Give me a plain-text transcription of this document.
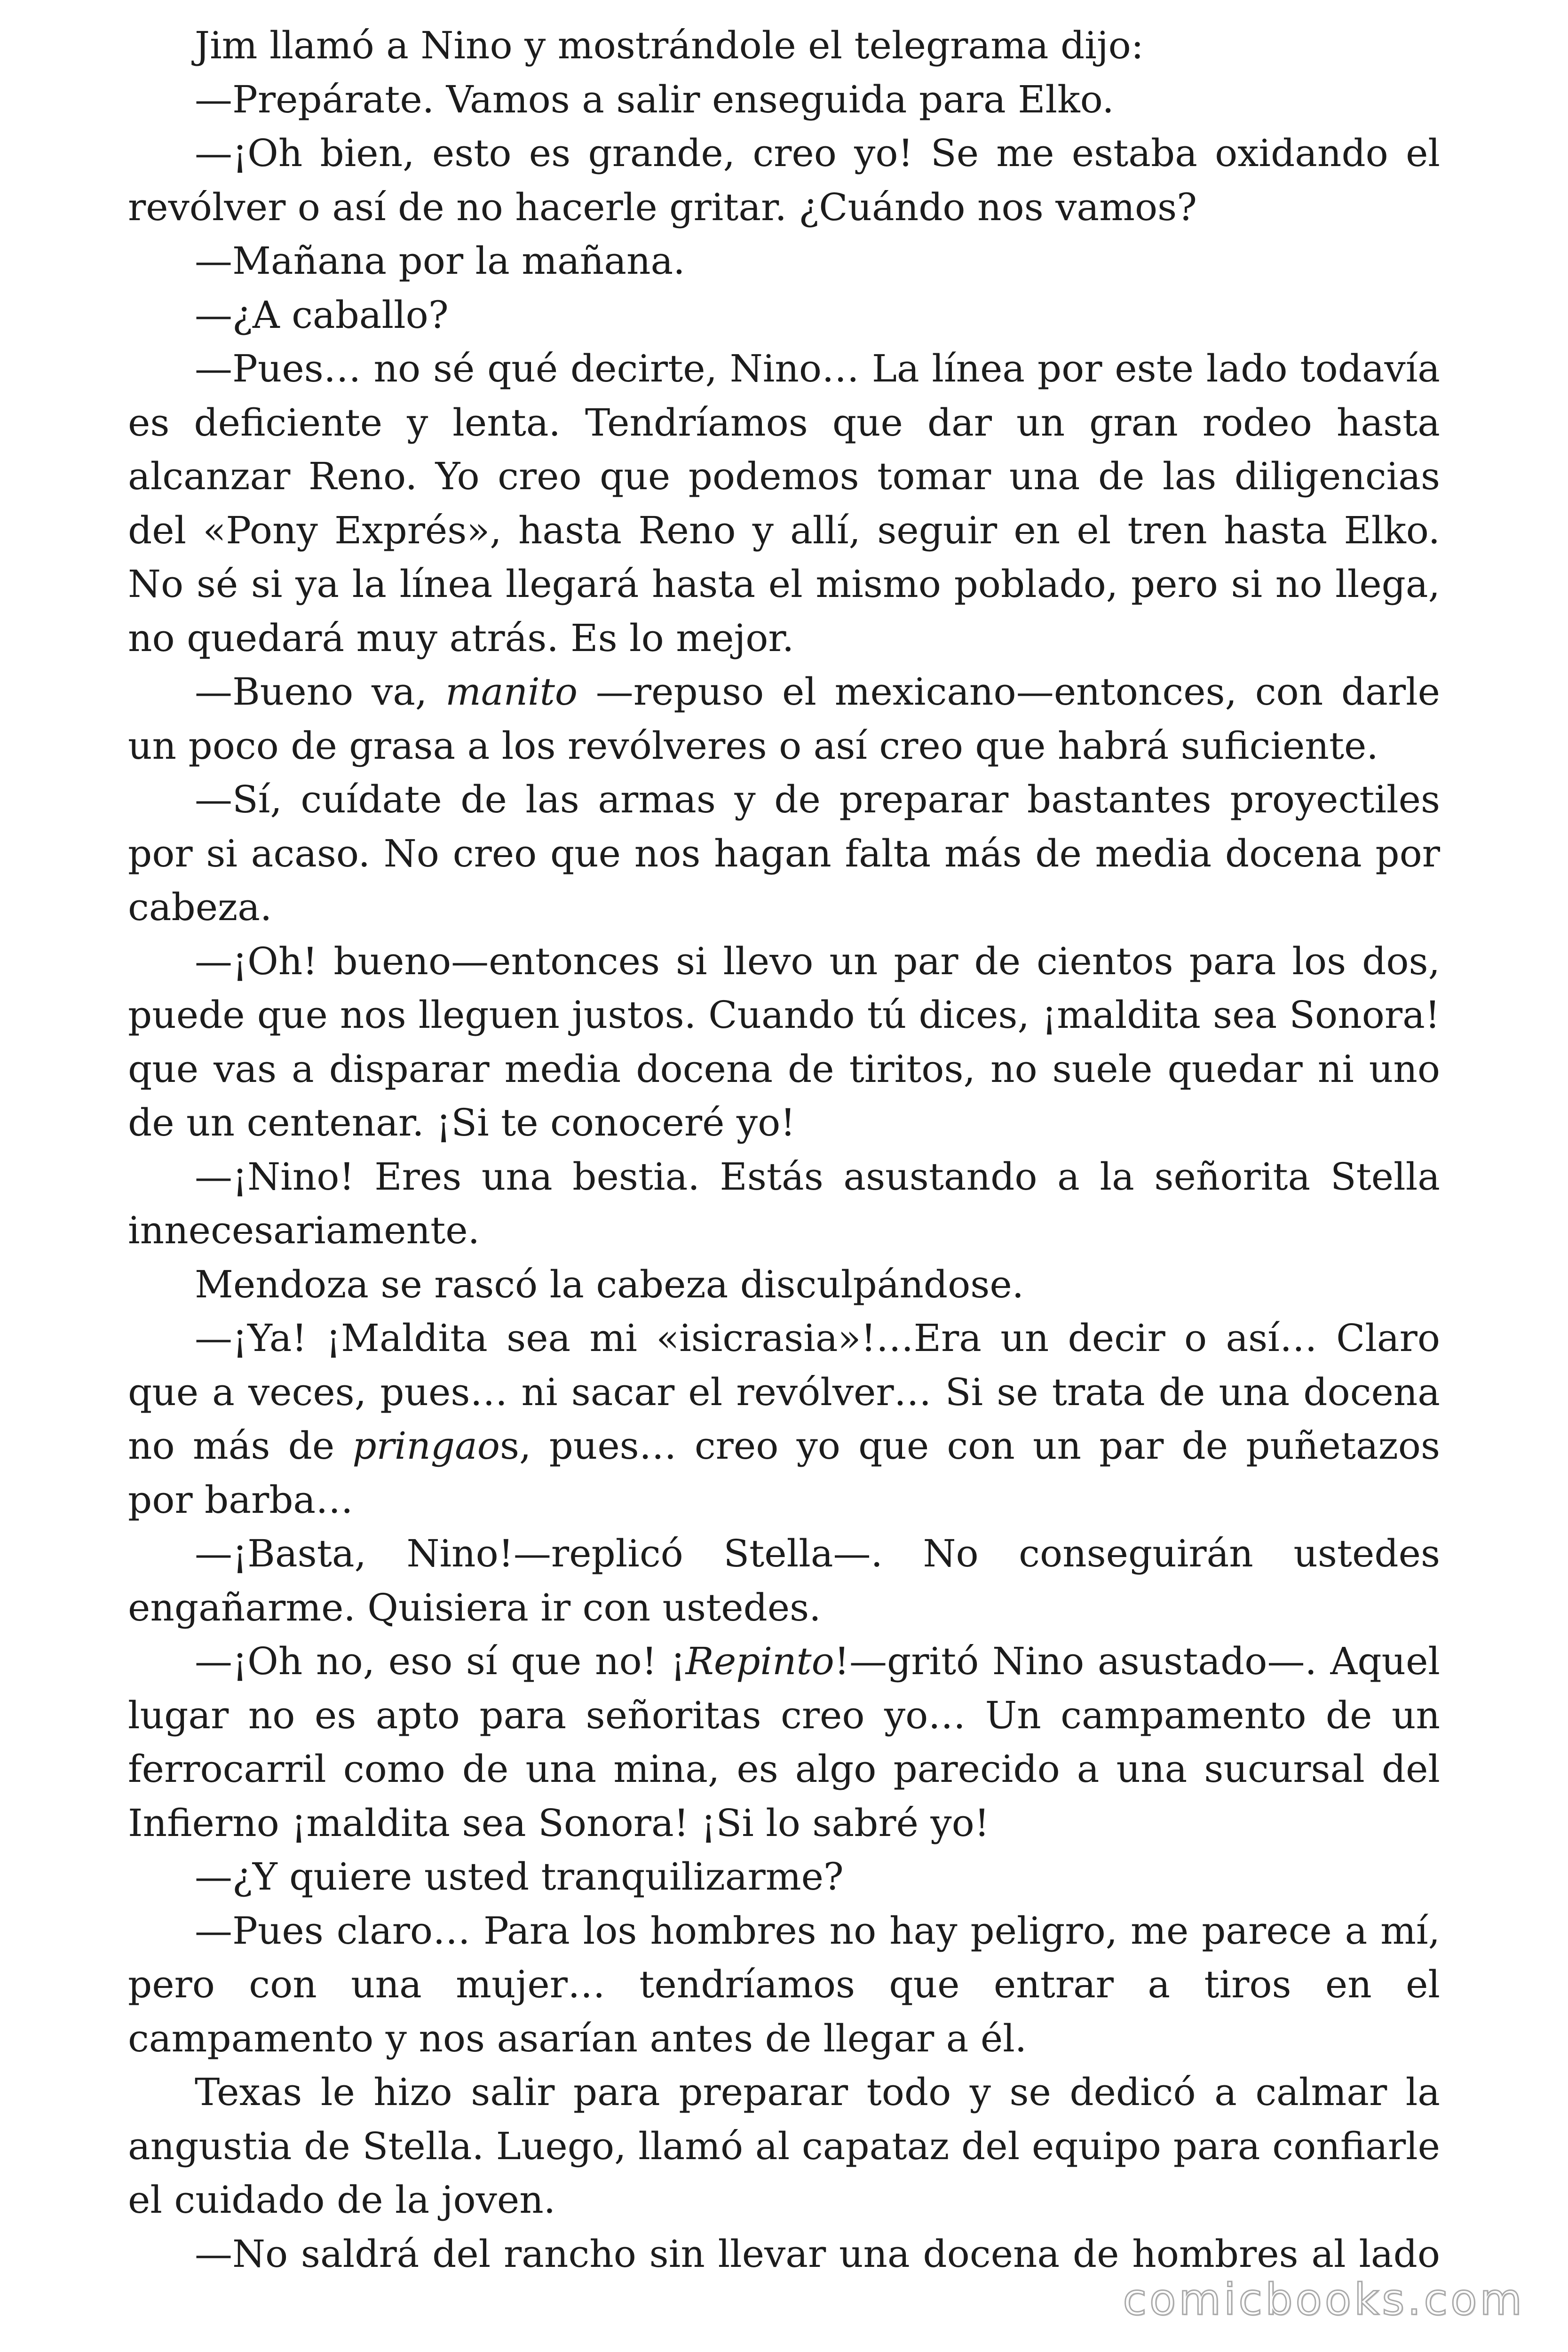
Jim llamó a Nino y mostrándole el telegrama dijo:

—Prepárate. Vamos a salir enseguida para Elko.

—¡Oh bien, esto es grande, creo yo! Se me estaba oxidando el revólver o así de no hacerle gritar. ¿Cuándo nos vamos?

—Mañana por la mañana.

—¿A caballo?

—Pues… no sé qué decirte, Nino… La línea por este lado todavía es deficiente y lenta. Tendríamos que dar un gran rodeo hasta alcanzar Reno. Yo creo que podemos tomar una de las diligencias del «Pony Exprés», hasta Reno y allí, seguir en el tren hasta Elko. No sé si ya la línea llegará hasta el mismo poblado, pero si no llega, no quedará muy atrás. Es lo mejor.

—Bueno va, manito —repuso el mexicano—entonces, con darle un poco de grasa a los revólveres o así creo que habrá suficiente.

—Sí, cuídate de las armas y de preparar bastantes proyectiles por si acaso. No creo que nos hagan falta más de media docena por cabeza.

—¡Oh! bueno—entonces si llevo un par de cientos para los dos, puede que nos lleguen justos. Cuando tú dices, ¡maldita sea Sonora! que vas a disparar media docena de tiritos, no suele quedar ni uno de un centenar. ¡Si te conoceré yo!

—¡Nino! Eres una bestia. Estás asustando a la señorita Stella innecesariamente.

Mendoza se rascó la cabeza disculpándose.

—¡Ya! ¡Maldita sea mi «isicrasia»!…Era un decir o así… Claro que a veces, pues… ni sacar el revólver… Si se trata de una docena no más de pringaos, pues… creo yo que con un par de puñetazos por barba…

—¡Basta, Nino!—replicó Stella—. No conseguirán ustedes engañarme. Quisiera ir con ustedes.

—¡Oh no, eso sí que no! ¡Repinto!—gritó Nino asustado—. Aquel lugar no es apto para señoritas creo yo… Un campamento de un ferrocarril como de una mina, es algo parecido a una sucursal del Infierno ¡maldita sea Sonora! ¡Si lo sabré yo!

—¿Y quiere usted tranquilizarme?

—Pues claro… Para los hombres no hay peligro, me parece a mí, pero con una mujer… tendríamos que entrar a tiros en el campamento y nos asarían antes de llegar a él.

Texas le hizo salir para preparar todo y se dedicó a calmar la angustia de Stella. Luego, llamó al capataz del equipo para confiarle el cuidado de la joven.

—No saldrá del rancho sin llevar una docena de hombres al lado

comicbooks.com
